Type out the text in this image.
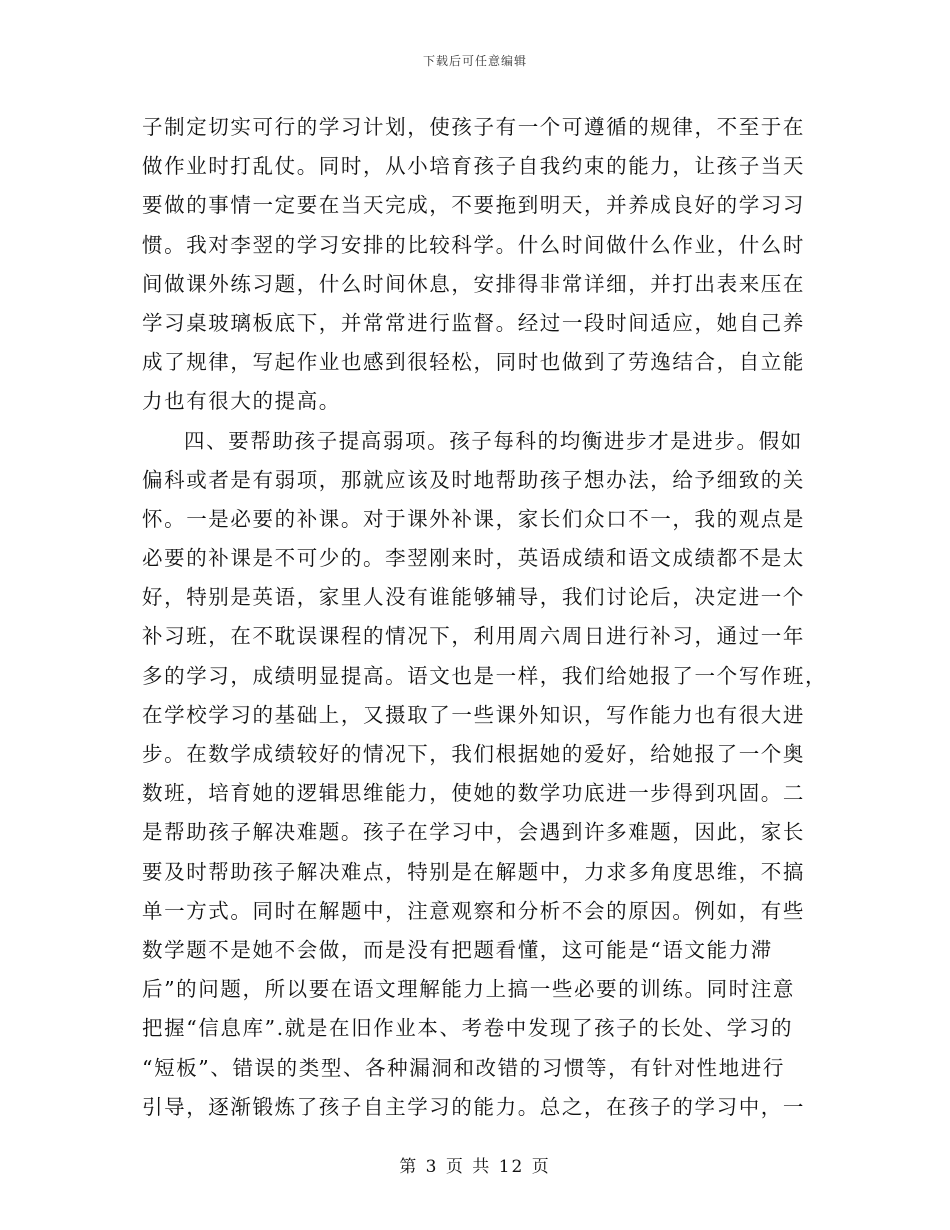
下载后可任意编辑
子制定切实可行的学习计划，使孩子有一个可遵循的规律，不至于在
做作业时打乱仗。同时，从小培育孩子自我约束的能力，让孩子当天
要做的事情一定要在当天完成，不要拖到明天，并养成良好的学习习
惯。我对李翌的学习安排的比较科学。什么时间做什么作业，什么时
间做课外练习题，什么时间休息，安排得非常详细，并打出表来压在
学习桌玻璃板底下，并常常进行监督。经过一段时间适应，她自己养
成了规律，写起作业也感到很轻松，同时也做到了劳逸结合，自立能
力也有很大的提高。
四、要帮助孩子提高弱项。孩子每科的均衡进步才是进步。假如
偏科或者是有弱项，那就应该及时地帮助孩子想办法，给予细致的关
怀。一是必要的补课。对于课外补课，家长们众口不一，我的观点是
必要的补课是不可少的。李翌刚来时，英语成绩和语文成绩都不是太
好，特别是英语，家里人没有谁能够辅导，我们讨论后，决定进一个
补习班，在不耽误课程的情况下，利用周六周日进行补习，通过一年
多的学习，成绩明显提高。语文也是一样，我们给她报了一个写作班，
在学校学习的基础上，又摄取了一些课外知识，写作能力也有很大进
步。在数学成绩较好的情况下，我们根据她的爱好，给她报了一个奥
数班，培育她的逻辑思维能力，使她的数学功底进一步得到巩固。二
是帮助孩子解决难题。孩子在学习中，会遇到许多难题，因此，家长
要及时帮助孩子解决难点，特别是在解题中，力求多角度思维，不搞
单一方式。同时在解题中，注意观察和分析不会的原因。例如，有些
数学题不是她不会做，而是没有把题看懂，这可能是“语文能力滞
后”的问题，所以要在语文理解能力上搞一些必要的训练。同时注意
把握“信息库”.就是在旧作业本、考卷中发现了孩子的长处、学习的
“短板”、错误的类型、各种漏洞和改错的习惯等，有针对性地进行
引导，逐渐锻炼了孩子自主学习的能力。总之，在孩子的学习中，一
第 3 页 共 12 页
